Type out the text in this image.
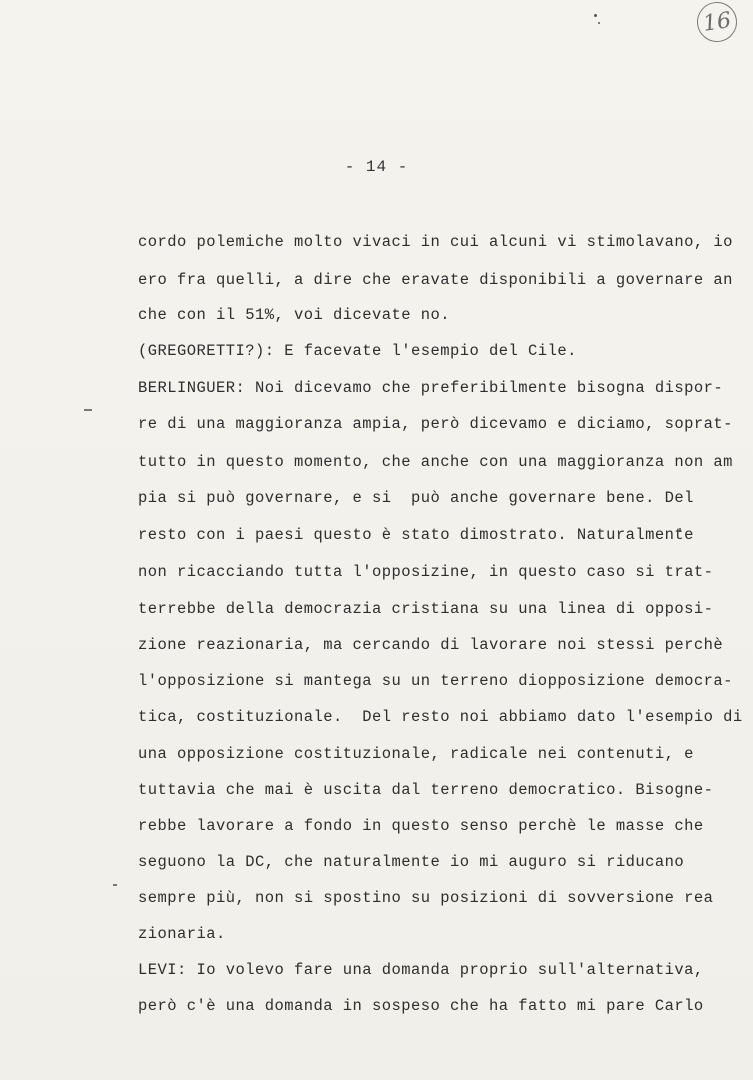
16
- 14 -
cordo polemiche molto vivaci in cui alcuni vi stimolavano, io
ero fra quelli, a dire che eravate disponibili a governare an
che con il 51%, voi dicevate no.
(GREGORETTI?): E facevate l'esempio del Cile.
BERLINGUER: Noi dicevamo che preferibilmente bisogna dispor-
re di una maggioranza ampia, però dicevamo e diciamo, soprat-
tutto in questo momento, che anche con una maggioranza non am
pia si può governare, e si  può anche governare bene. Del
resto con i paesi questo è stato dimostrato. Naturalmente
non ricacciando tutta l'opposizine, in questo caso si trat-
terrebbe della democrazia cristiana su una linea di opposi-
zione reazionaria, ma cercando di lavorare noi stessi perchè
l'opposizione si mantega su un terreno diopposizione democra-
tica, costituzionale.  Del resto noi abbiamo dato l'esempio di
una opposizione costituzionale, radicale nei contenuti, e
tuttavia che mai è uscita dal terreno democratico. Bisogne-
rebbe lavorare a fondo in questo senso perchè le masse che
seguono la DC, che naturalmente io mi auguro si riducano
sempre più, non si spostino su posizioni di sovversione rea
zionaria.
LEVI: Io volevo fare una domanda proprio sull'alternativa,
però c'è una domanda in sospeso che ha fatto mi pare Carlo
